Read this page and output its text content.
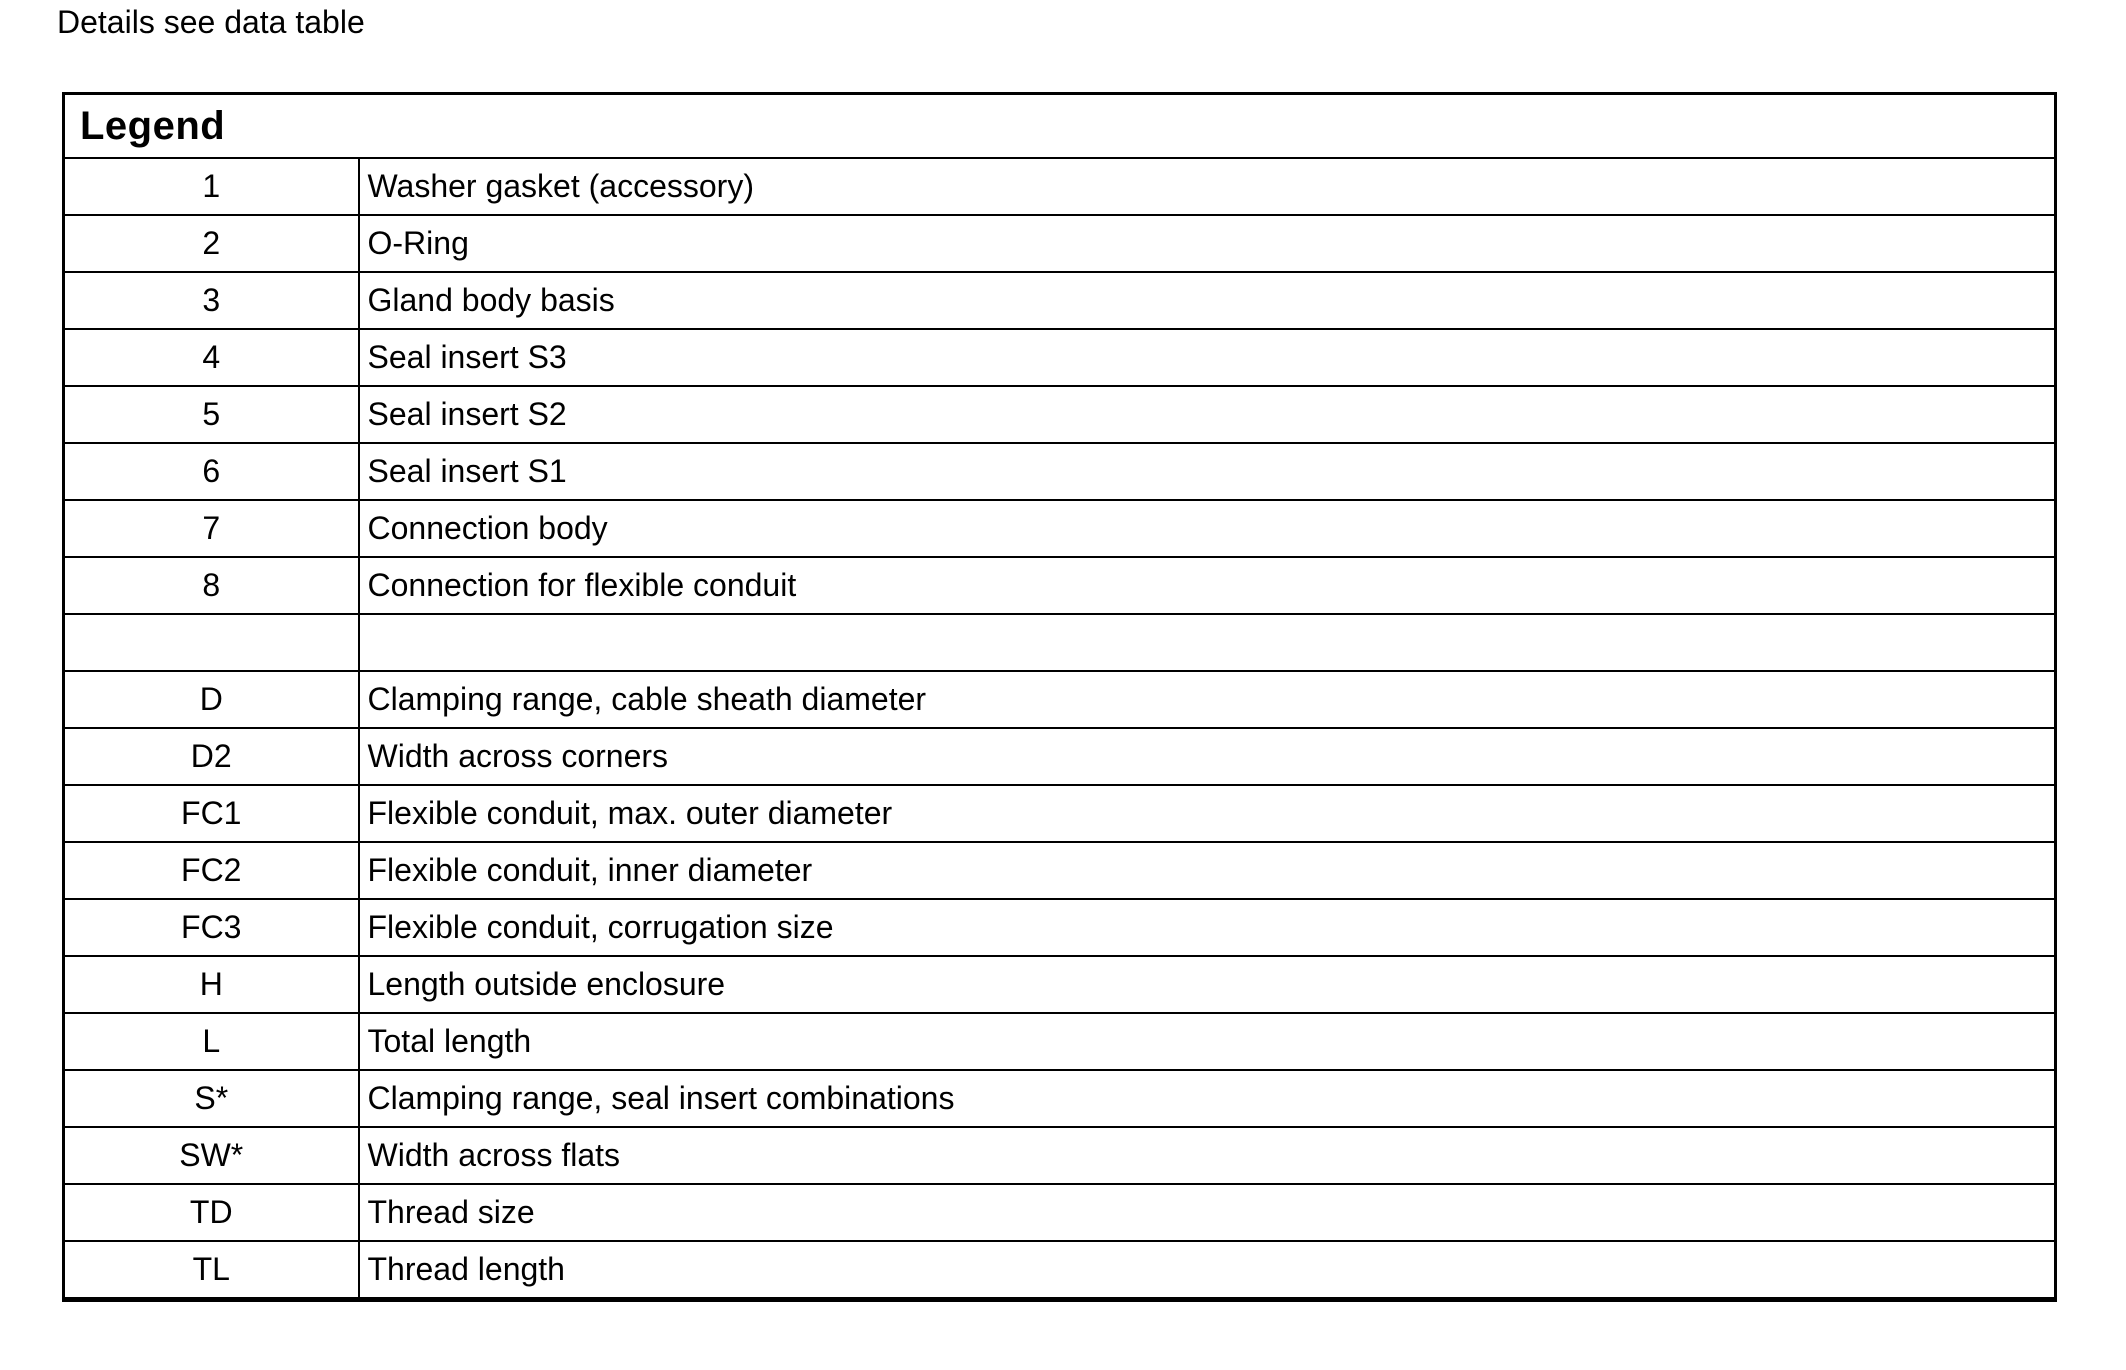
Details see data table
Legend	
1	Washer gasket (accessory)
2	O-Ring
3	Gland body basis
4	Seal insert S3
5	Seal insert S2
6	Seal insert S1
7	Connection body
8	Connection for flexible conduit

D	Clamping range, cable sheath diameter
D2	Width across corners
FC1	Flexible conduit, max. outer diameter
FC2	Flexible conduit, inner diameter
FC3	Flexible conduit, corrugation size
H	Length outside enclosure
L	Total length
S*	Clamping range, seal insert combinations
SW*	Width across flats
TD	Thread size
TL	Thread length
